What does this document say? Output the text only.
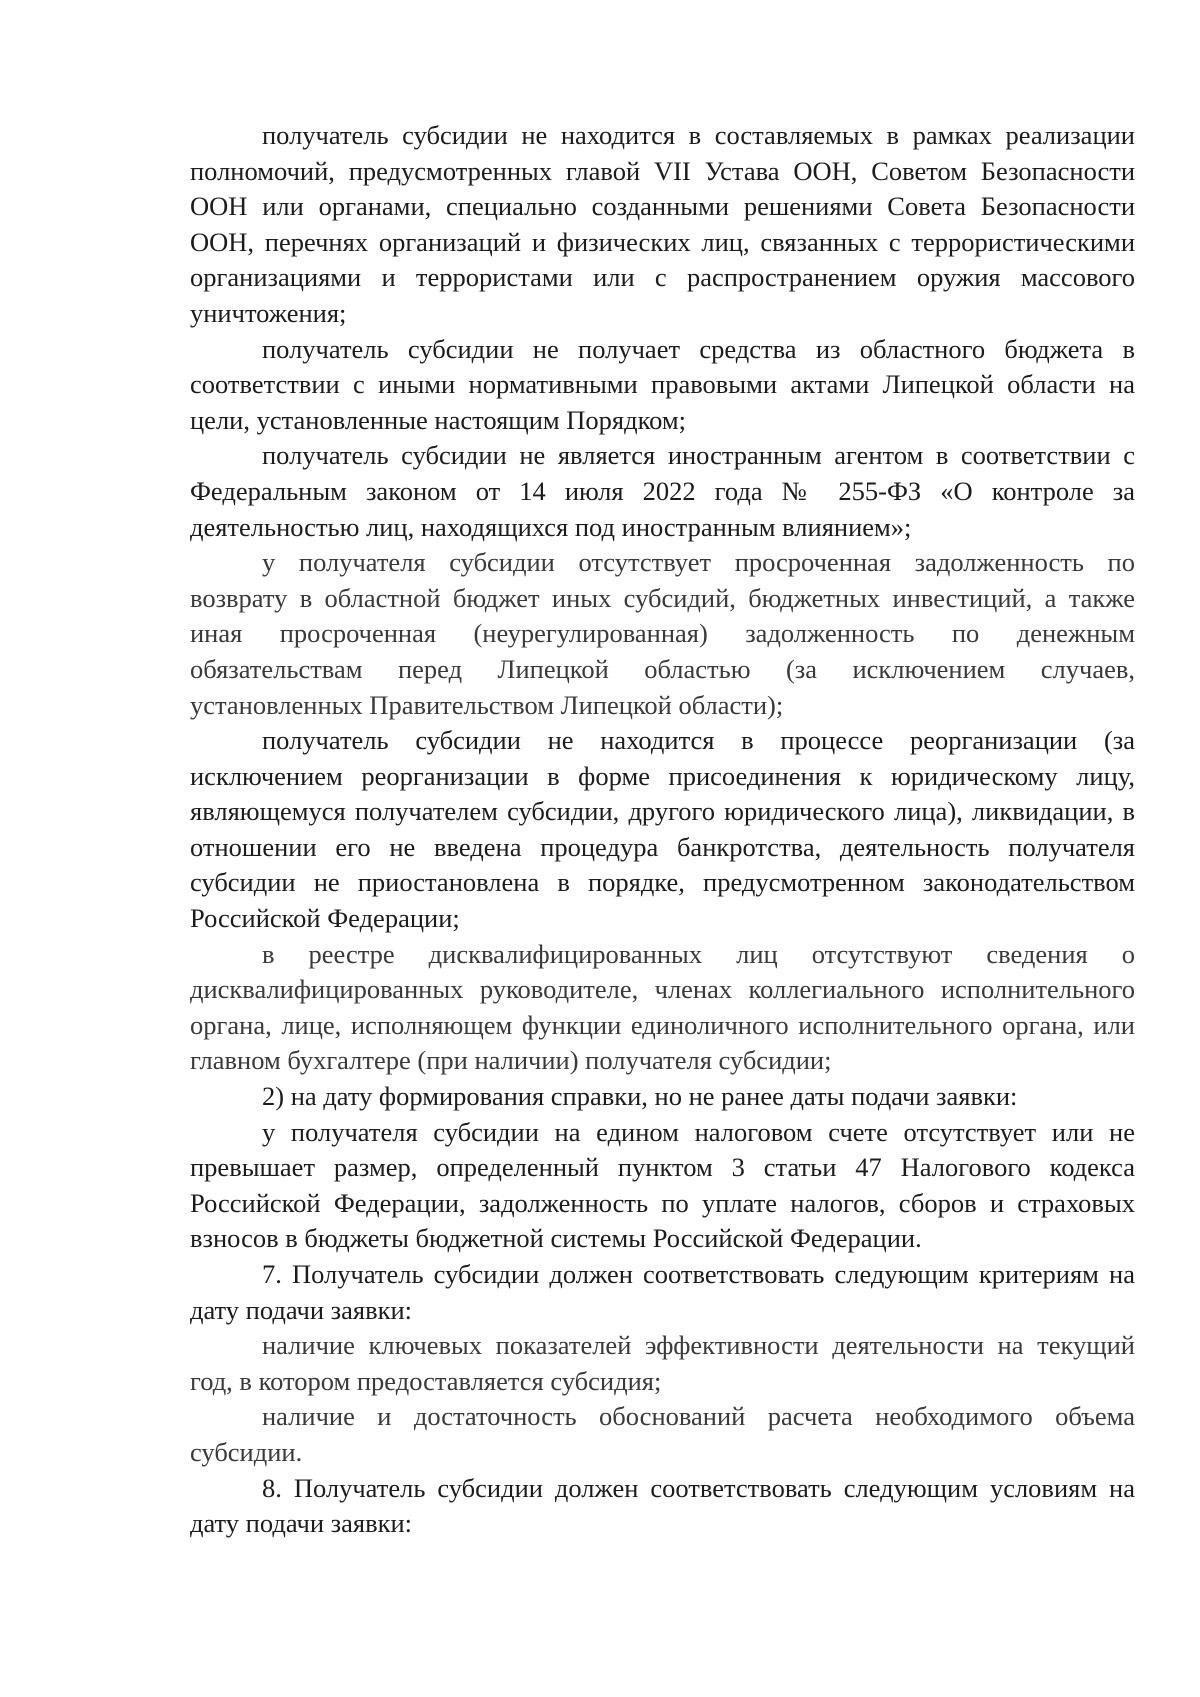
получатель субсидии не находится в составляемых в рамках реализации полномочий, предусмотренных главой VII Устава ООН, Советом Безопасности ООН или органами, специально созданными решениями Совета Безопасности ООН, перечнях организаций и физических лиц, связанных с террористическими организациями и террористами или с распространением оружия массового уничтожения;

получатель субсидии не получает средства из областного бюджета в соответствии с иными нормативными правовыми актами Липецкой области на цели, установленные настоящим Порядком;

получатель субсидии не является иностранным агентом в соответствии с Федеральным законом от 14 июля 2022 года № 255-ФЗ «О контроле за деятельностью лиц, находящихся под иностранным влиянием»;

у получателя субсидии отсутствует просроченная задолженность по возврату в областной бюджет иных субсидий, бюджетных инвестиций, а также иная просроченная (неурегулированная) задолженность по денежным обязательствам перед Липецкой областью (за исключением случаев, установленных Правительством Липецкой области);

получатель субсидии не находится в процессе реорганизации (за исключением реорганизации в форме присоединения к юридическому лицу, являющемуся получателем субсидии, другого юридического лица), ликвидации, в отношении его не введена процедура банкротства, деятельность получателя субсидии не приостановлена в порядке, предусмотренном законодательством Российской Федерации;

в реестре дисквалифицированных лиц отсутствуют сведения о дисквалифицированных руководителе, членах коллегиального исполнительного органа, лице, исполняющем функции единоличного исполнительного органа, или главном бухгалтере (при наличии) получателя субсидии;

2) на дату формирования справки, но не ранее даты подачи заявки:

у получателя субсидии на едином налоговом счете отсутствует или не превышает размер, определенный пунктом 3 статьи 47 Налогового кодекса Российской Федерации, задолженность по уплате налогов, сборов и страховых взносов в бюджеты бюджетной системы Российской Федерации.

7. Получатель субсидии должен соответствовать следующим критериям на дату подачи заявки:

наличие ключевых показателей эффективности деятельности на текущий год, в котором предоставляется субсидия;

наличие и достаточность обоснований расчета необходимого объема субсидии.

8. Получатель субсидии должен соответствовать следующим условиям на дату подачи заявки:
